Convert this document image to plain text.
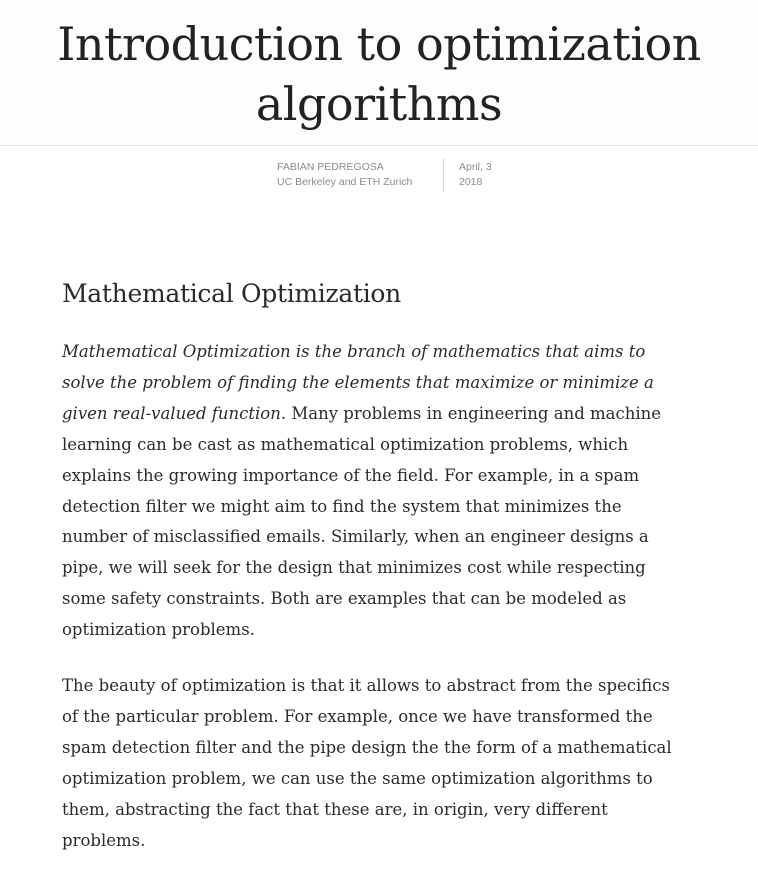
Introduction to optimization
algorithms
FABIAN PEDREGOSA
UC Berkeley and ETH Zurich
April, 3
2018
Mathematical Optimization

Mathematical Optimization is the branch of mathematics that aims to
solve the problem of finding the elements that maximize or minimize a
given real-valued function. Many problems in engineering and machine
learning can be cast as mathematical optimization problems, which
explains the growing importance of the field. For example, in a spam
detection filter we might aim to find the system that minimizes the
number of misclassified emails. Similarly, when an engineer designs a
pipe, we will seek for the design that minimizes cost while respecting
some safety constraints. Both are examples that can be modeled as
optimization problems.

The beauty of optimization is that it allows to abstract from the specifics
of the particular problem. For example, once we have transformed the
spam detection filter and the pipe design the the form of a mathematical
optimization problem, we can use the same optimization algorithms to
them, abstracting the fact that these are, in origin, very different
problems.
